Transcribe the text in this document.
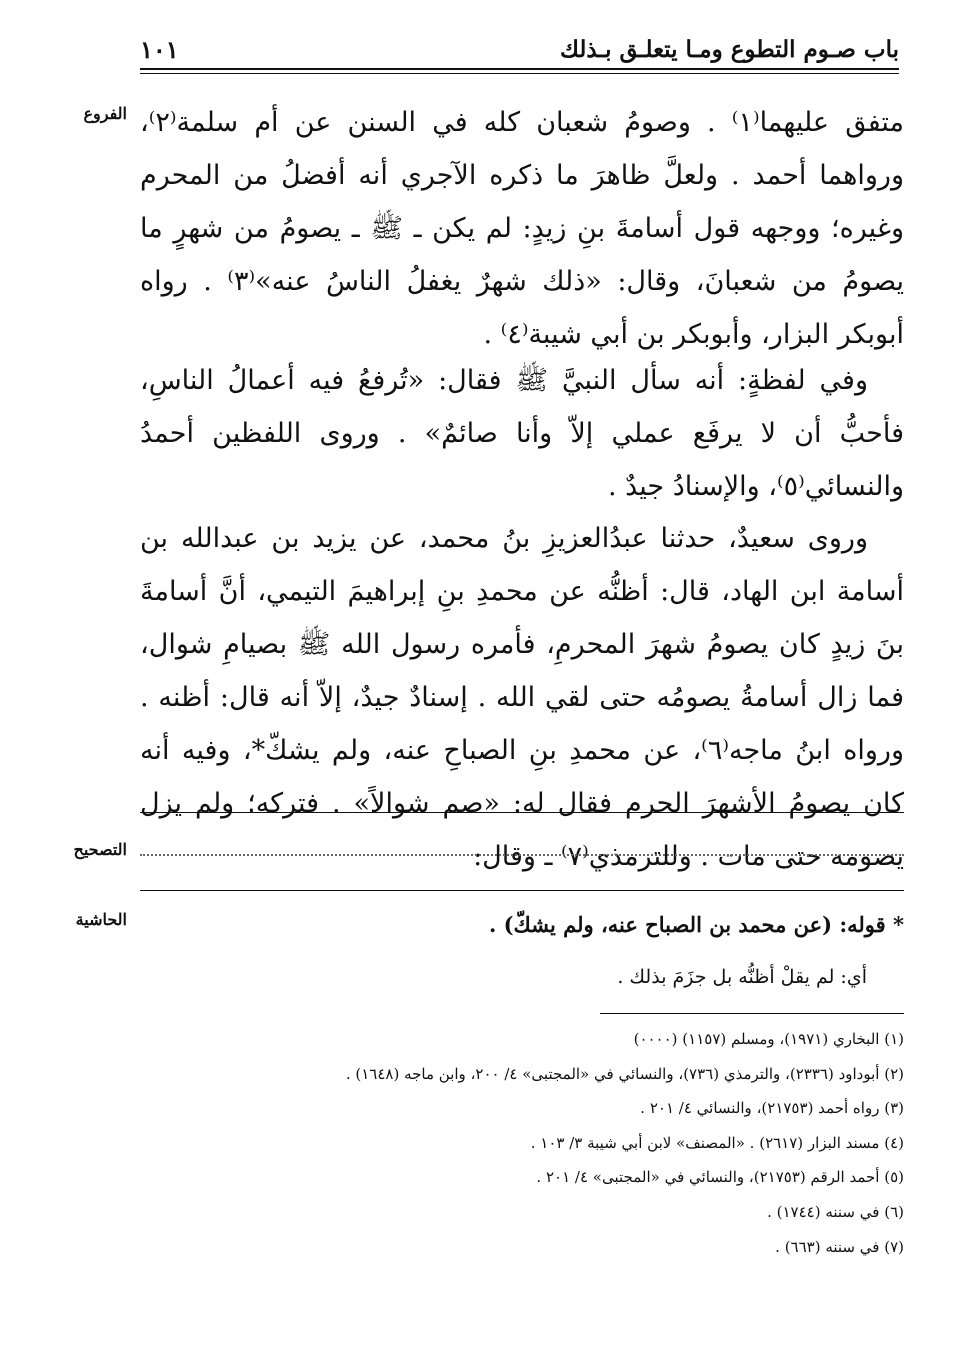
باب صـوم التطوع ومـا يتعلـق بـذلك
١٠١
الفروع
التصحيح
الحاشية

متفق عليهما⁽١⁾ . وصومُ شعبان كله في السنن عن أم سلمة⁽٢⁾، ورواهما أحمد . ولعلَّ ظاهرَ ما ذكره الآجري أنه أفضلُ من المحرم وغيره؛ ووجهه قول أسامةَ بنِ زيدٍ: لم يكن ـ ﷺ ـ يصومُ من شهرٍ ما يصومُ من شعبانَ، وقال: «ذلك شهرٌ يغفلُ الناسُ عنه»⁽٣⁾ . رواه أبوبكر البزار، وأبوبكر بن أبي شيبة⁽٤⁾ .

وفي لفظةٍ: أنه سأل النبيَّ ﷺ فقال: «تُرفعُ فيه أعمالُ الناسِ، فأحبُّ أن لا يرفَع عملي إلاّ وأنا صائمٌ» . وروى اللفظين أحمدُ والنسائي⁽٥⁾، والإسنادُ جيدٌ .

وروى سعيدٌ، حدثنا عبدُالعزيزِ بنُ محمد، عن يزيد بن عبدالله بن أسامة ابن الهاد، قال: أظنُّه عن محمدِ بنِ إبراهيمَ التيمي، أنَّ أسامةَ بنَ زيدٍ كان يصومُ شهرَ المحرمِ، فأمره رسول الله ﷺ بصيامِ شوال، فما زال أسامةُ يصومُه حتى لقي الله . إسنادٌ جيدٌ، إلاّ أنه قال: أظنه . ورواه ابنُ ماجه⁽٦⁾، عن محمدِ بنِ الصباحِ عنه، ولم يشكّ*، وفيه أنه كان يصومُ الأشهرَ الحرم فقال له: «صم شوالاً» . فتركه؛ ولم يزل يصومه حتى مات . وللترمذي⁽٧⁾ ـ وقال:

* قوله: (عن محمد بن الصباح عنه، ولم يشكّ) .
أي: لم يقلْ أظنُّه بل جزَمَ بذلك .
(١) البخاري (١٩٧١)، ومسلم (١١٥٧) (٠٠٠٠)
(٢) أبوداود (٢٣٣٦)، والترمذي (٧٣٦)، والنسائي في «المجتبى» ٤/ ٢٠٠، وابن ماجه (١٦٤٨) .
(٣) رواه أحمد (٢١٧٥٣)، والنسائي ٤/ ٢٠١ .
(٤) مسند البزار (٢٦١٧) . «المصنف» لابن أبي شيبة ٣/ ١٠٣ .
(٥) أحمد الرقم (٢١٧٥٣)، والنسائي في «المجتبى» ٤/ ٢٠١ .
(٦) في سننه (١٧٤٤) .
(٧) في سننه (٦٦٣) .
